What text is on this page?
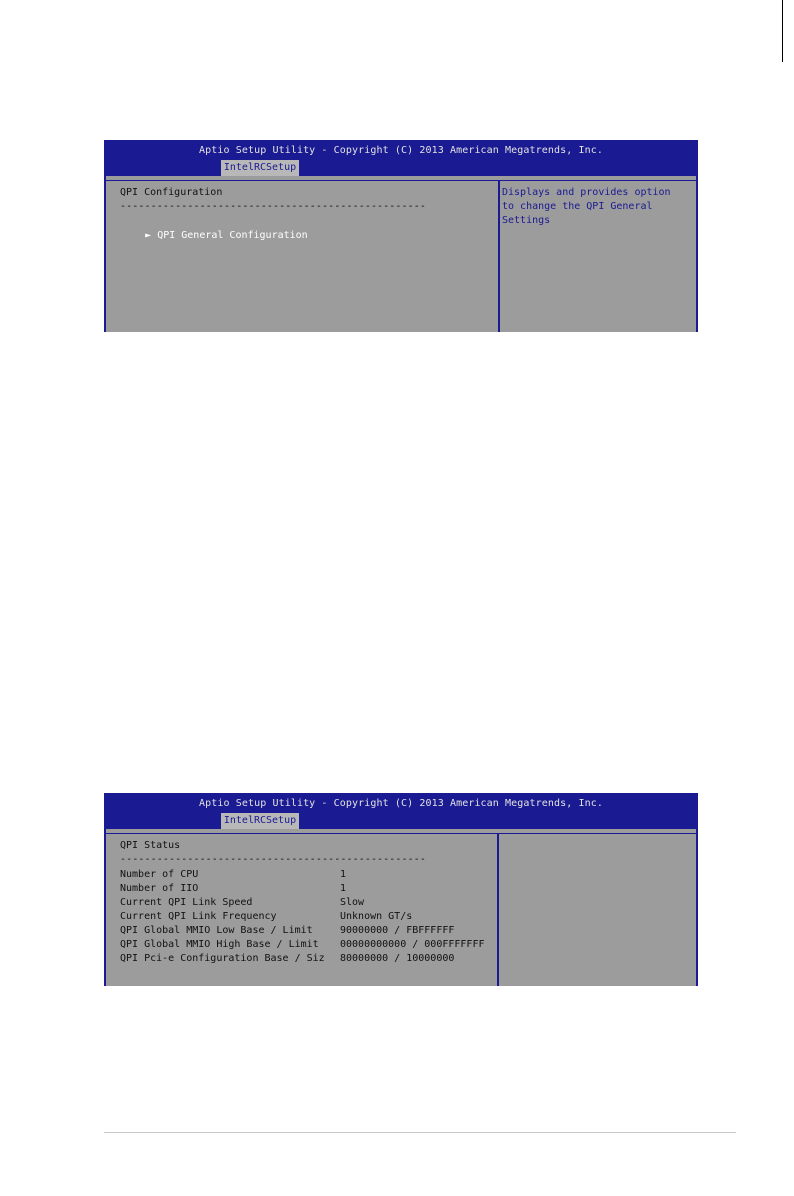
Aptio Setup Utility - Copyright (C) 2013 American Megatrends, Inc.
IntelRCSetup
QPI Configuration
--------------------------------------------------

► QPI General Configuration

Displays and provides option
to change the QPI General
Settings
Aptio Setup Utility - Copyright (C) 2013 American Megatrends, Inc.
IntelRCSetup
QPI Status
--------------------------------------------------
Number of CPU	1
Number of IIO	1
Current QPI Link Speed	Slow
Current QPI Link Frequency	Unknown GT/s
QPI Global MMIO Low Base / Limit	90000000 / FBFFFFFF
QPI Global MMIO High Base / Limit 00000000000 / 000FFFFFFF
QPI Pci-e Configuration Base / Siz 80000000 / 10000000
